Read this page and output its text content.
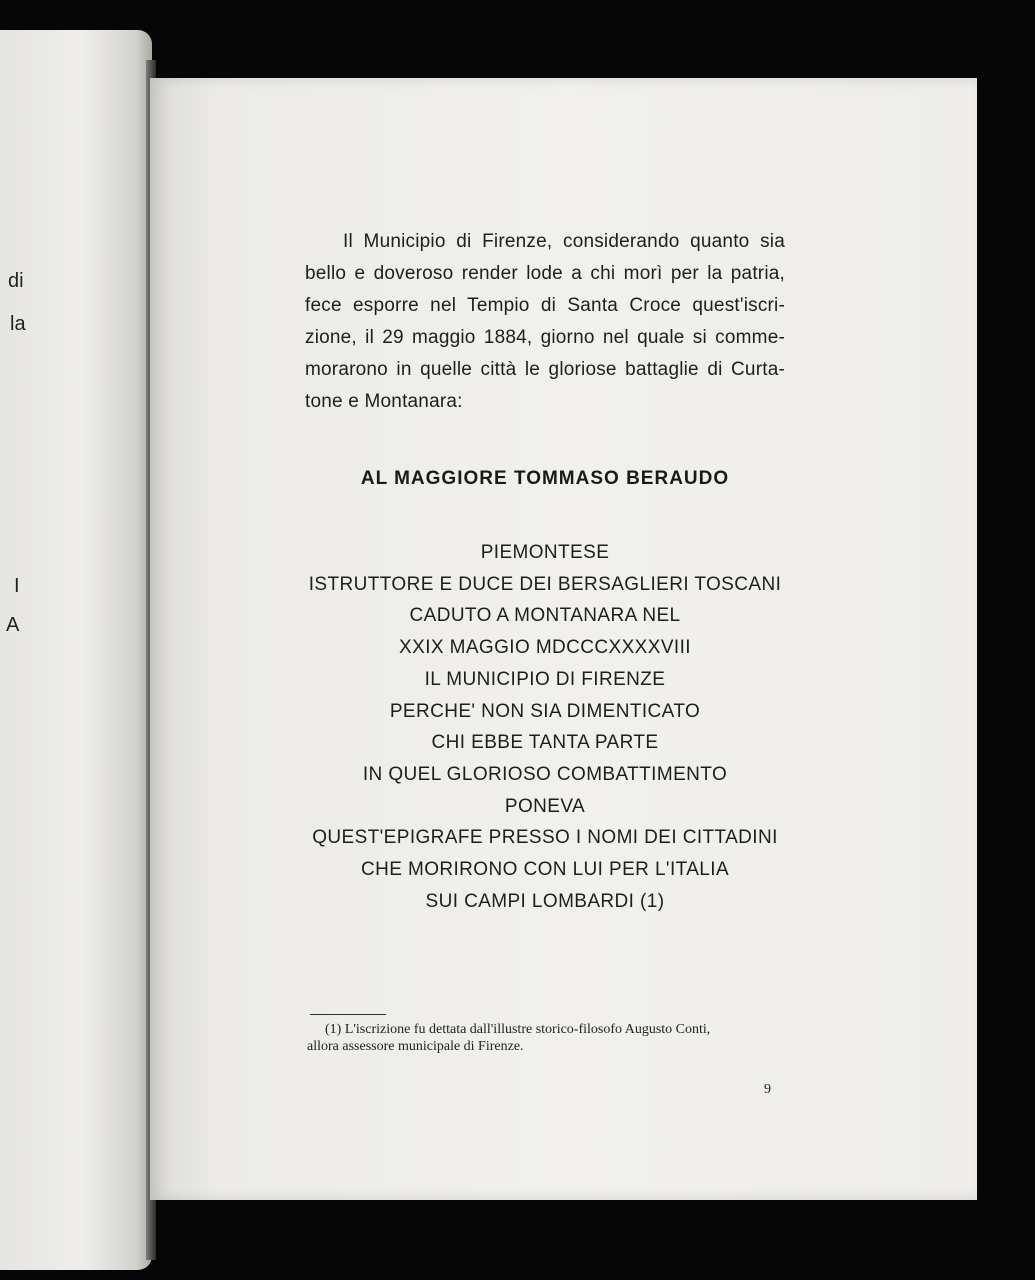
di
la
I
A
Il Municipio di Firenze, considerando quanto sia
bello e doveroso render lode a chi morì per la patria,
fece esporre nel Tempio di Santa Croce quest'iscri-
zione, il 29 maggio 1884, giorno nel quale si comme-
morarono in quelle città le gloriose battaglie di Curta-
tone e Montanara:
AL MAGGIORE TOMMASO BERAUDO
PIEMONTESE
ISTRUTTORE E DUCE DEI BERSAGLIERI TOSCANI
CADUTO A MONTANARA NEL
XXIX MAGGIO MDCCCXXXXVIII
IL MUNICIPIO DI FIRENZE
PERCHE' NON SIA DIMENTICATO
CHI EBBE TANTA PARTE
IN QUEL GLORIOSO COMBATTIMENTO
PONEVA
QUEST'EPIGRAFE PRESSO I NOMI DEI CITTADINI
CHE MORIRONO CON LUI PER L'ITALIA
SUI CAMPI LOMBARDI (1)
(1) L'iscrizione fu dettata dall'illustre storico-filosofo Augusto Conti,
allora assessore municipale di Firenze.
9
